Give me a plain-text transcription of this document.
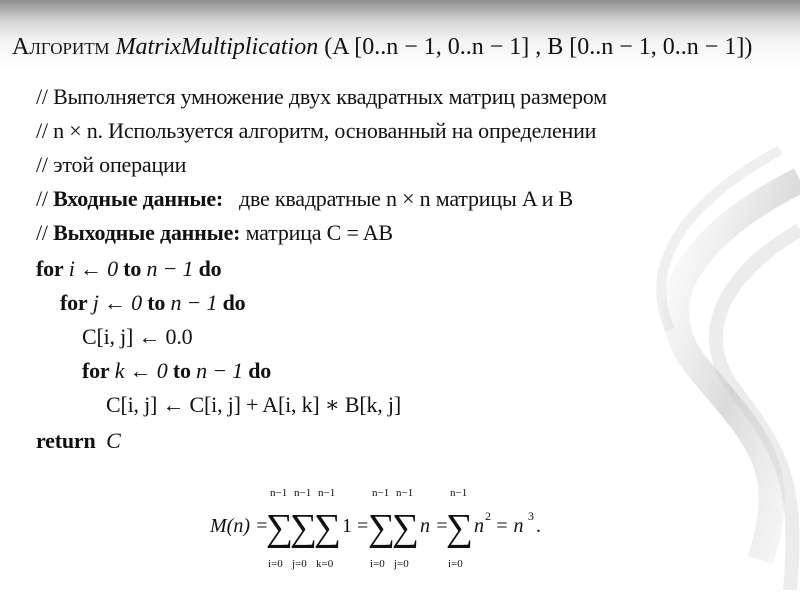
Алгоритм MatrixMultiplication (A [0..n − 1, 0..n − 1] , B [0..n − 1, 0..n − 1])
// Выполняется умножение двух квадратных матриц размером
// n × n. Используется алгоритм, основанный на определении
// этой операции
// Входные данные:   две квадратные n × n матрицы A и B
// Выходные данные: матрица C = AB
for i ← 0 to n − 1 do
for j ← 0 to n − 1 do
C[i, j] ← 0.0
for k ← 0 to n − 1 do
C[i, j] ← C[i, j] + A[i, k] ∗ B[k, j]
return  C
M(n) =
n−1
∑
i=0
n−1
∑
j=0
n−1
∑
k=0
1 =
n−1
∑
i=0
n−1
∑
j=0
n =
n−1
∑
i=0
n 2 = n 3 .
